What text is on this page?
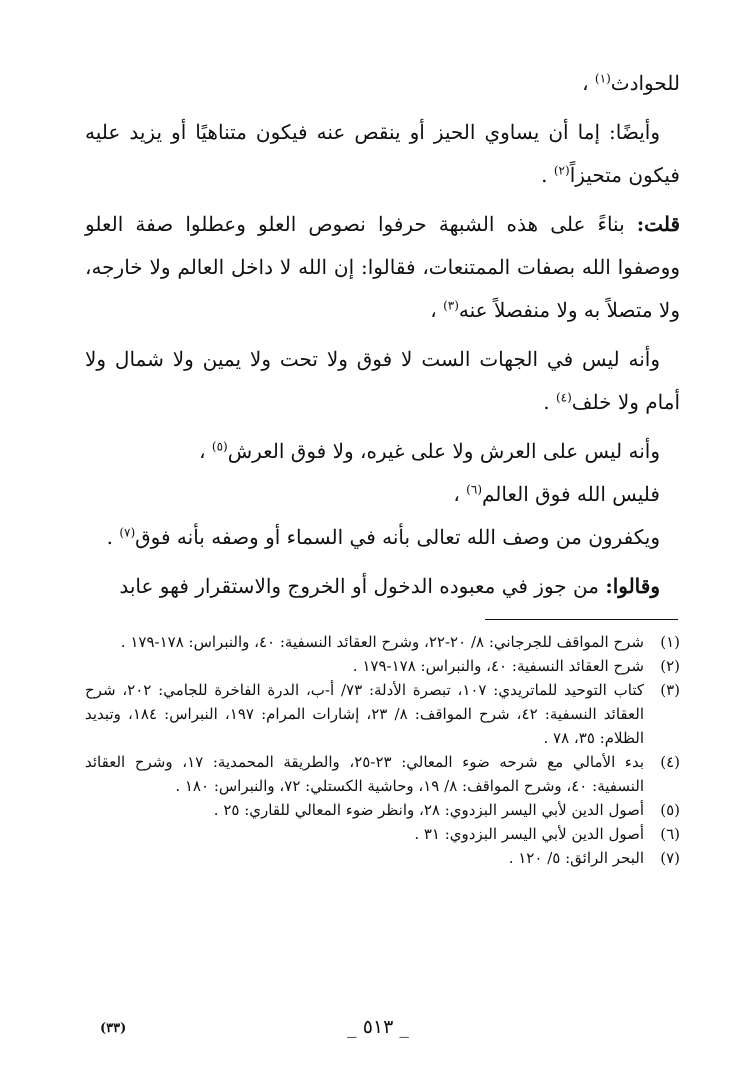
للحوادث$^{(١)}$ ،

وأيضًا: إما أن يساوي الحيز أو ينقص عنه فيكون متناهيًا أو يزيد عليه فيكون متحيزاً$^{(٢)}$ .

قلت: بناءً على هذه الشبهة حرفوا نصوص العلو وعطلوا صفة العلو ووصفوا الله بصفات الممتنعات، فقالوا: إن الله لا داخل العالم ولا خارجه، ولا متصلاً به ولا منفصلاً عنه$^{(٣)}$ ،

وأنه ليس في الجهات الست لا فوق ولا تحت ولا يمين ولا شمال ولا أمام ولا خلف$^{(٤)}$ .

وأنه ليس على العرش ولا على غيره، ولا فوق العرش$^{(٥)}$ ،

فليس الله فوق العالم$^{(٦)}$ ،

ويكفرون من وصف الله تعالى بأنه في السماء أو وصفه بأنه فوق$^{(٧)}$ .

وقالوا: من جوز في معبوده الدخول أو الخروج والاستقرار فهو عابد

(١)
شرح المواقف للجرجاني: ٨/ ٢٠-٢٢، وشرح العقائد النسفية: ٤٠، والنبراس: ١٧٨-١٧٩ .
(٢)
شرح العقائد النسفية: ٤٠، والنبراس: ١٧٨-١٧٩ .
(٣)
كتاب التوحيد للماتريدي: ١٠٧، تبصرة الأدلة: ٧٣/ أ-ب، الدرة الفاخرة للجامي: ٢٠٢، شرح العقائد النسفية: ٤٢، شرح المواقف: ٨/ ٢٣، إشارات المرام: ١٩٧، النبراس: ١٨٤، وتبديد الظلام: ٣٥، ٧٨ .
(٤)
بدء الأمالي مع شرحه ضوء المعالي: ٢٣-٢٥، والطريقة المحمدية: ١٧، وشرح العقائد النسفية: ٤٠، وشرح المواقف: ٨/ ١٩، وحاشية الكستلي: ٧٢، والنبراس: ١٨٠ .
(٥)
أصول الدين لأبي اليسر البزدوي: ٢٨، وانظر ضوء المعالي للقاري: ٢٥ .
(٦)
أصول الدين لأبي اليسر البزدوي: ٣١ .
(٧)
البحر الرائق: ٥/ ١٢٠ .
(٣٣)	_ ٥١٣ _
